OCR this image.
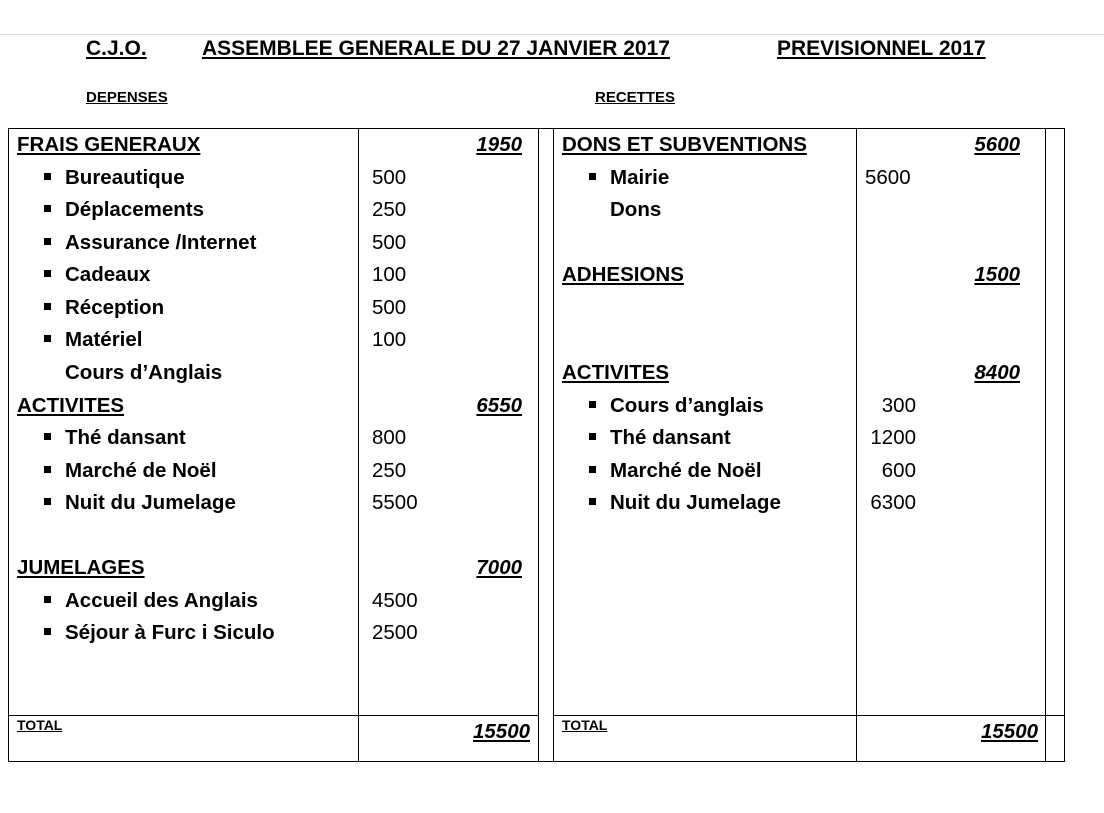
C.J.O.	ASSEMBLEE GENERALE DU 27 JANVIER 2017	PREVISIONNEL 2017
DEPENSES	RECETTES
FRAIS GENERAUX	1950
Bureautique	500
Déplacements	250
Assurance /Internet	500
Cadeaux	100
Réception	500
Matériel	100
Cours d’Anglais
ACTIVITES	6550
Thé dansant	800
Marché de Noël	250
Nuit du Jumelage	5500
JUMELAGES	7000
Accueil des Anglais	4500
Séjour à Furc i Siculo	2500
TOTAL	15500
DONS ET SUBVENTIONS	5600
Mairie	5600
Dons
ADHESIONS	1500
ACTIVITES	8400
Cours d’anglais	300
Thé dansant	1200
Marché de Noël	600
Nuit du Jumelage	6300
TOTAL	15500
